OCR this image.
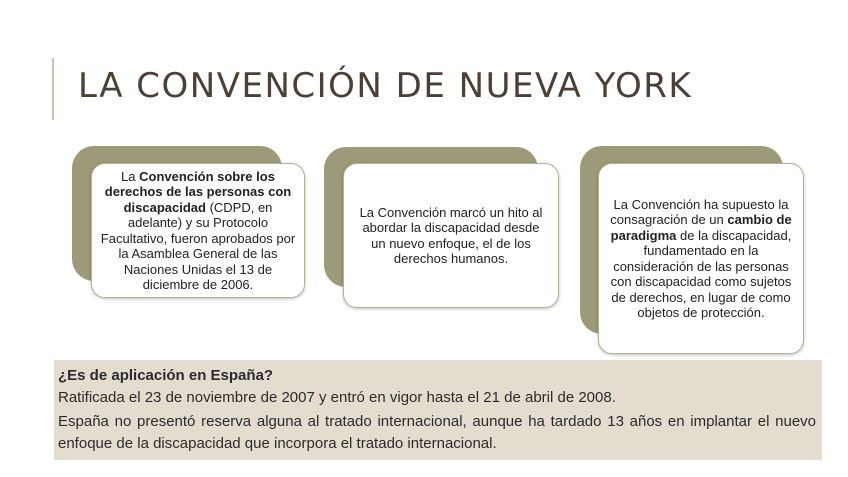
LA CONVENCIÓN DE NUEVA YORK
La Convención sobre los derechos de las personas con discapacidad (CDPD, en adelante) y su Protocolo Facultativo, fueron aprobados por la Asamblea General de las Naciones Unidas el 13 de diciembre de 2006.
La Convención marcó un hito al abordar la discapacidad desde un nuevo enfoque, el de los derechos humanos.
La Convención ha supuesto la consagración de un cambio de paradigma de la discapacidad, fundamentado en la consideración de las personas con discapacidad como sujetos de derechos, en lugar de como objetos de protección.
¿Es de aplicación en España?
Ratificada el 23 de noviembre de 2007 y entró en vigor hasta el 21 de abril de 2008.
España no presentó reserva alguna al tratado internacional, aunque ha tardado 13 años en implantar el nuevo enfoque de la discapacidad que incorpora el tratado internacional.
